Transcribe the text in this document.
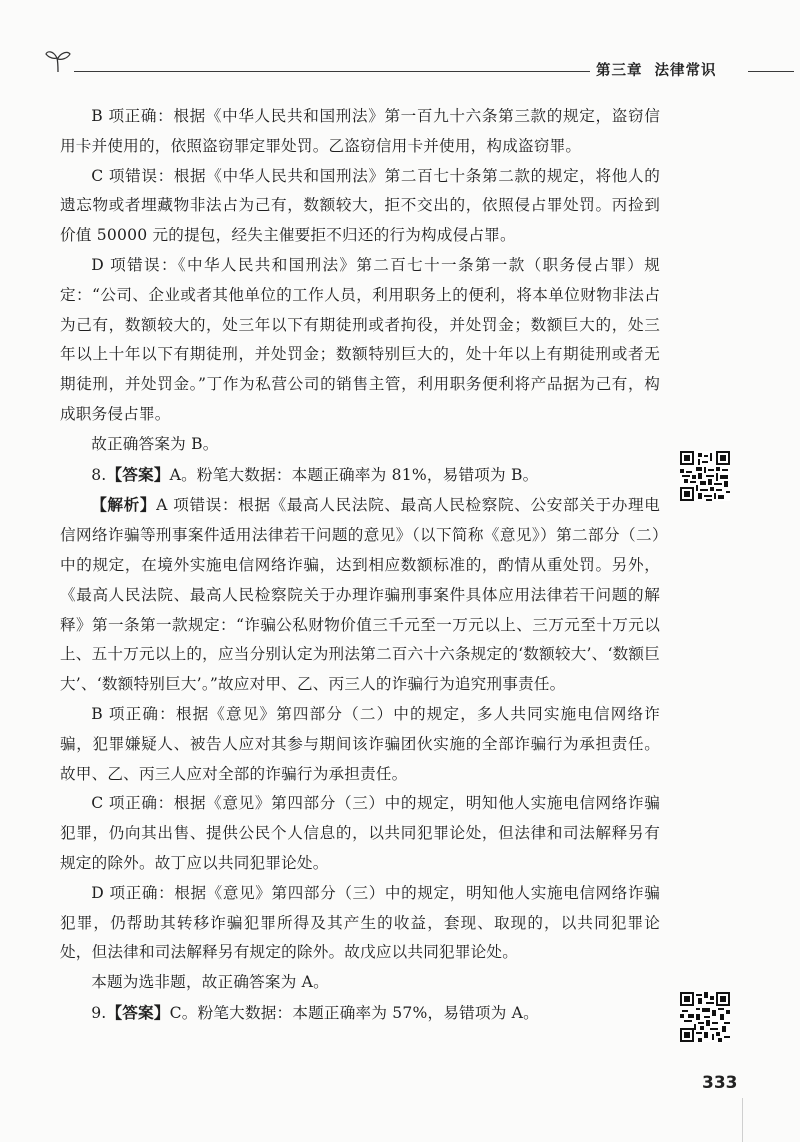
第三章 法律常识

B 项正确：根据《中华人民共和国刑法》第一百九十六条第三款的规定，盗窃信用卡并使用的，依照盗窃罪定罪处罚。乙盗窃信用卡并使用，构成盗窃罪。

C 项错误：根据《中华人民共和国刑法》第二百七十条第二款的规定，将他人的遗忘物或者埋藏物非法占为己有，数额较大，拒不交出的，依照侵占罪处罚。丙捡到价值 50000 元的提包，经失主催要拒不归还的行为构成侵占罪。

D 项错误：《中华人民共和国刑法》第二百七十一条第一款（职务侵占罪）规定：“公司、企业或者其他单位的工作人员，利用职务上的便利，将本单位财物非法占为己有，数额较大的，处三年以下有期徒刑或者拘役，并处罚金；数额巨大的，处三年以上十年以下有期徒刑，并处罚金；数额特别巨大的，处十年以上有期徒刑或者无期徒刑，并处罚金。”丁作为私营公司的销售主管，利用职务便利将产品据为己有，构成职务侵占罪。

故正确答案为 B。

8.【答案】A。粉笔大数据：本题正确率为 81%，易错项为 B。

【解析】A 项错误：根据《最高人民法院、最高人民检察院、公安部关于办理电信网络诈骗等刑事案件适用法律若干问题的意见》（以下简称《意见》）第二部分（二）中的规定，在境外实施电信网络诈骗，达到相应数额标准的，酌情从重处罚。另外，《最高人民法院、最高人民检察院关于办理诈骗刑事案件具体应用法律若干问题的解释》第一条第一款规定：“诈骗公私财物价值三千元至一万元以上、三万元至十万元以上、五十万元以上的，应当分别认定为刑法第二百六十六条规定的‘数额较大’、‘数额巨大’、‘数额特别巨大’。”故应对甲、乙、丙三人的诈骗行为追究刑事责任。

B 项正确：根据《意见》第四部分（二）中的规定，多人共同实施电信网络诈骗，犯罪嫌疑人、被告人应对其参与期间该诈骗团伙实施的全部诈骗行为承担责任。故甲、乙、丙三人应对全部的诈骗行为承担责任。

C 项正确：根据《意见》第四部分（三）中的规定，明知他人实施电信网络诈骗犯罪，仍向其出售、提供公民个人信息的，以共同犯罪论处，但法律和司法解释另有规定的除外。故丁应以共同犯罪论处。

D 项正确：根据《意见》第四部分（三）中的规定，明知他人实施电信网络诈骗犯罪，仍帮助其转移诈骗犯罪所得及其产生的收益，套现、取现的，以共同犯罪论处，但法律和司法解释另有规定的除外。故戊应以共同犯罪论处。

本题为选非题，故正确答案为 A。

9.【答案】C。粉笔大数据：本题正确率为 57%，易错项为 A。

333
